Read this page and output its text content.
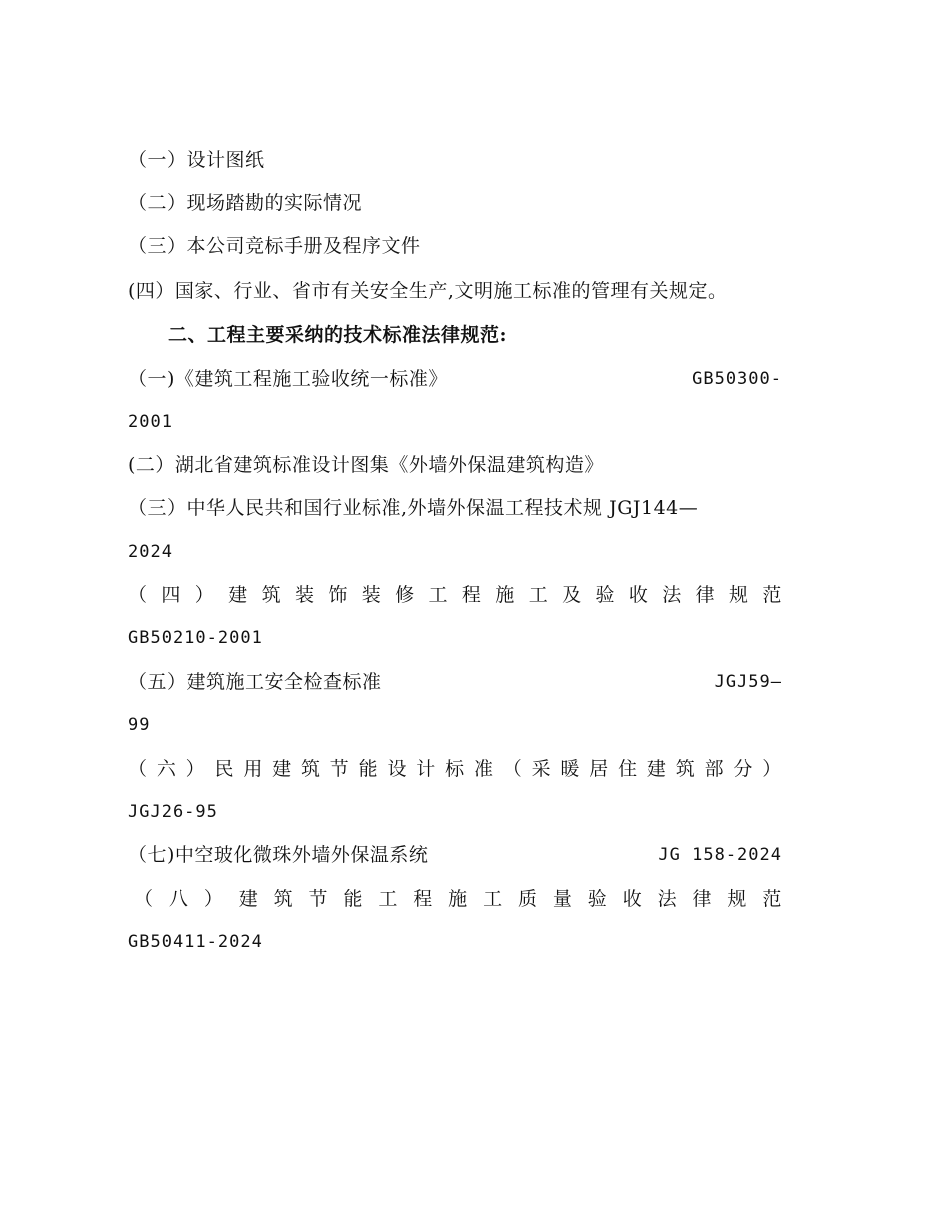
（一）设计图纸
（二）现场踏勘的实际情况
（三）本公司竞标手册及程序文件
(四）国家、行业、省市有关安全生产,文明施工标准的管理有关规定。
二、工程主要采纳的技术标准法律规范:
（一)《建筑工程施工验收统一标准》	GB50300-
2001
(二）湖北省建筑标准设计图集《外墙外保温建筑构造》
（三）中华人民共和国行业标准,外墙外保温工程技术规 JGJ144—
2024
（ 四 ） 建 筑 装 饰 装 修 工 程 施 工 及 验 收 法 律 规 范
GB50210-2001
（五）建筑施工安全检查标准	JGJ59—
99
（ 六 ） 民 用 建 筑 节 能 设 计 标 准 （ 采 暖 居 住 建 筑 部 分 ）
JGJ26-95
（七)中空玻化微珠外墙外保温系统	JG 158-2024
（ 八 ） 建 筑 节 能 工 程 施 工 质 量 验 收 法 律 规 范
GB50411-2024
